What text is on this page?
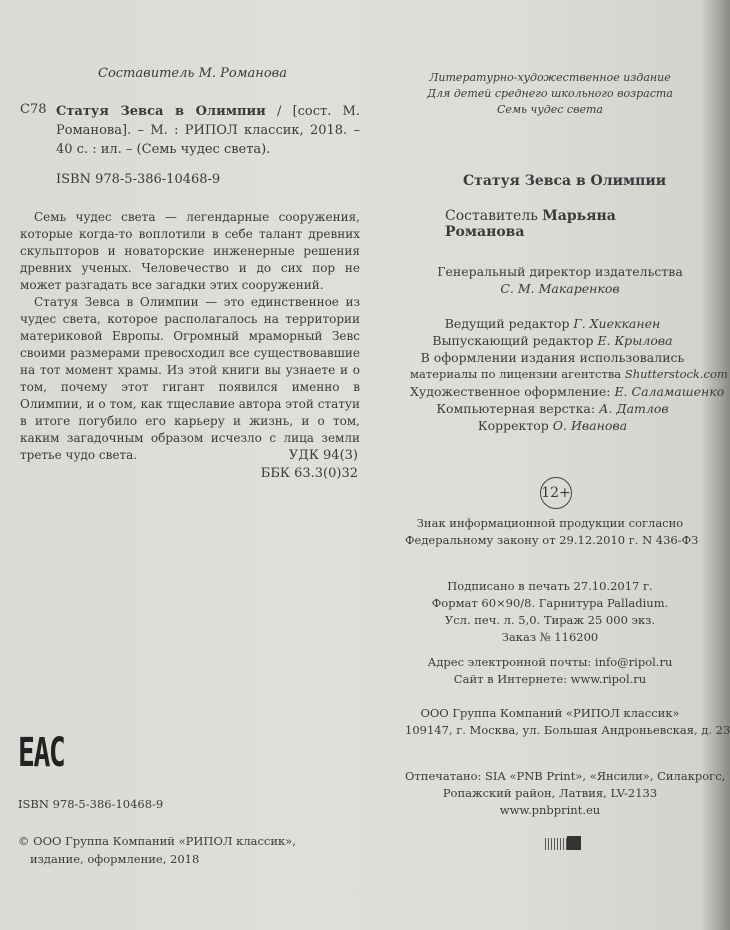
Составитель М. Романова
С78 Статуя Зевса в Олимпии / [сост. М. Романова]. – М. : РИПОЛ классик, 2018. – 40 с. : ил. – (Семь чудес света).
ISBN 978-5-386-10468-9

Семь чудес света — легендарные сооружения, которые когда-то воплотили в себе талант древних скульпторов и новаторские инженерные решения древних ученых. Человечество и до сих пор не может разгадать все загадки этих сооружений.

Статуя Зевса в Олимпии — это единственное из чудес света, которое располагалось на территории материковой Европы. Огромный мраморный Зевс своими размерами превосходил все существовавшие на тот момент храмы. Из этой книги вы узнаете и о том, почему этот гигант появился именно в Олимпии, и о том, как тщеславие автора этой статуи в итоге погубило его карьеру и жизнь, и о том, каким загадочным образом исчезло с лица земли третье чудо света.	УДК 94(3)
ББК 63.3(0)32
ЕАС
ISBN 978-5-386-10468-9
© ООО Группа Компаний «РИПОЛ классик»,
издание, оформление, 2018
Литературно-художественное издание
Для детей среднего школьного возраста
Семь чудес света
Статуя Зевса в Олимпии
Составитель Марьяна Романова
Генеральный директор издательства
С. М. Макаренков
Ведущий редактор Г. Хиекканен
Выпускающий редактор Е. Крылова
В оформлении издания использовались
материалы по лицензии агентства Shutterstock.com
Художественное оформление: Е. Саламашенко
Компьютерная верстка: А. Датлов
Корректор О. Иванова
12+
Знак информационной продукции согласно
Федеральному закону от 29.12.2010 г. N 436-ФЗ
Подписано в печать 27.10.2017 г.
Формат 60×90/8. Гарнитура Palladium.
Усл. печ. л. 5,0. Тираж 25 000 экз.
Заказ № 116200
Адрес электронной почты: info@ripol.ru
Сайт в Интернете: www.ripol.ru
ООО Группа Компаний «РИПОЛ классик»
109147, г. Москва, ул. Большая Андроньевская, д. 23
Отпечатано: SIA «PNB Print», «Янсили», Силакрогс,
Ропажский район, Латвия, LV-2133
www.pnbprint.eu
